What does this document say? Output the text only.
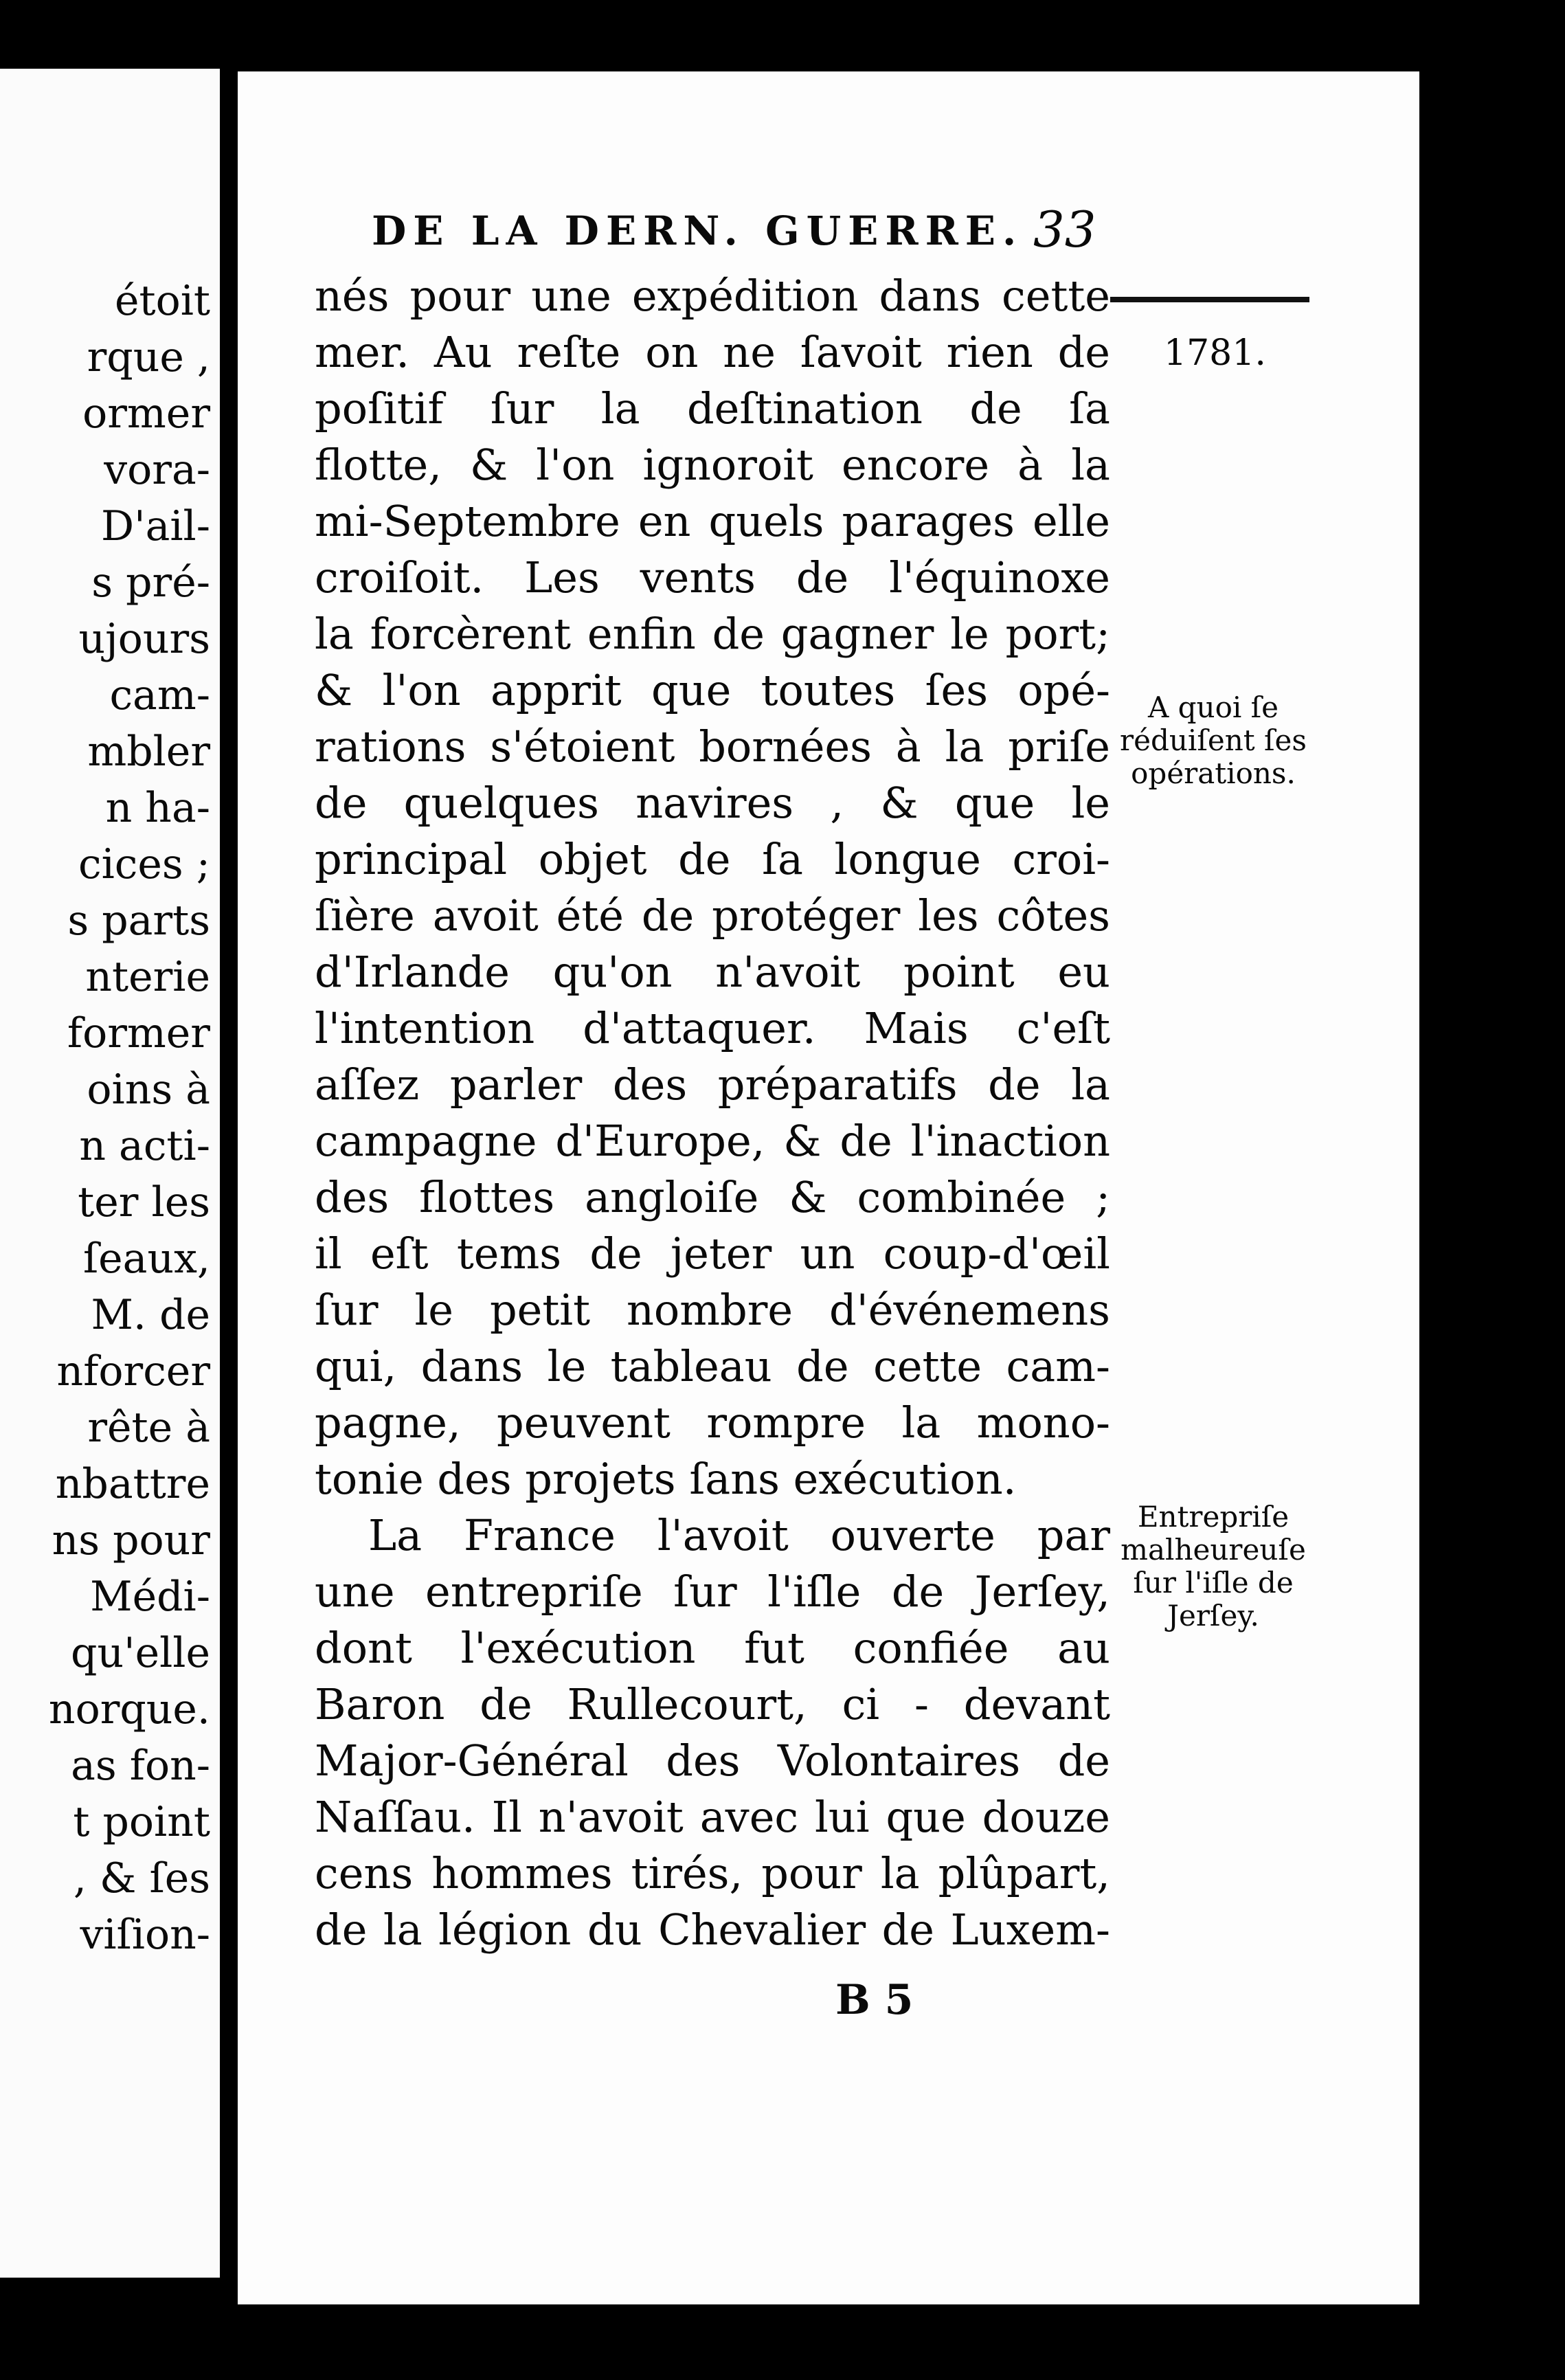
étoit
rque ,
ormer
vora-
D'ail-
s pré-
ujours
cam-
mbler
n ha-
cices ;
s parts
nterie
former
oins à
n acti-
ter les
ſeaux,
M. de
nforcer
rête à
nbattre
ns pour
Médi-
qu'elle
norque.
as fon-
t point
, & ſes
viſion-
DE LA DERN. GUERRE. 33
1781.
nés pour une expédition dans cette
mer. Au reſte on ne ſavoit rien de
poſitif ſur la deſtination de ſa
flotte, & l'on ignoroit encore à la
mi-Septembre en quels parages elle
croiſoit. Les vents de l'équinoxe
la forcèrent enfin de gagner le port;
& l'on apprit que toutes ſes opé-
rations s'étoient bornées à la priſe
de quelques navires , & que le
principal objet de ſa longue croi-
ſière avoit été de protéger les côtes
d'Irlande qu'on n'avoit point eu
l'intention d'attaquer. Mais c'eſt
aſſez parler des préparatifs de la
campagne d'Europe, & de l'inaction
des flottes angloiſe & combinée ;
il eſt tems de jeter un coup-d'œil
ſur le petit nombre d'événemens
qui, dans le tableau de cette cam-
pagne, peuvent rompre la mono-
tonie des projets ſans exécution.
La France l'avoit ouverte par
une entrepriſe ſur l'iſle de Jerſey,
dont l'exécution fut confiée au
Baron de Rullecourt, ci - devant
Major-Général des Volontaires de
Naſſau. Il n'avoit avec lui que douze
cens hommes tirés, pour la plûpart,
de la légion du Chevalier de Luxem-
A quoi ſe
réduiſent ſes
opérations.
Entrepriſe
malheureuſe
ſur l'iſle de
Jerſey.
B 5
